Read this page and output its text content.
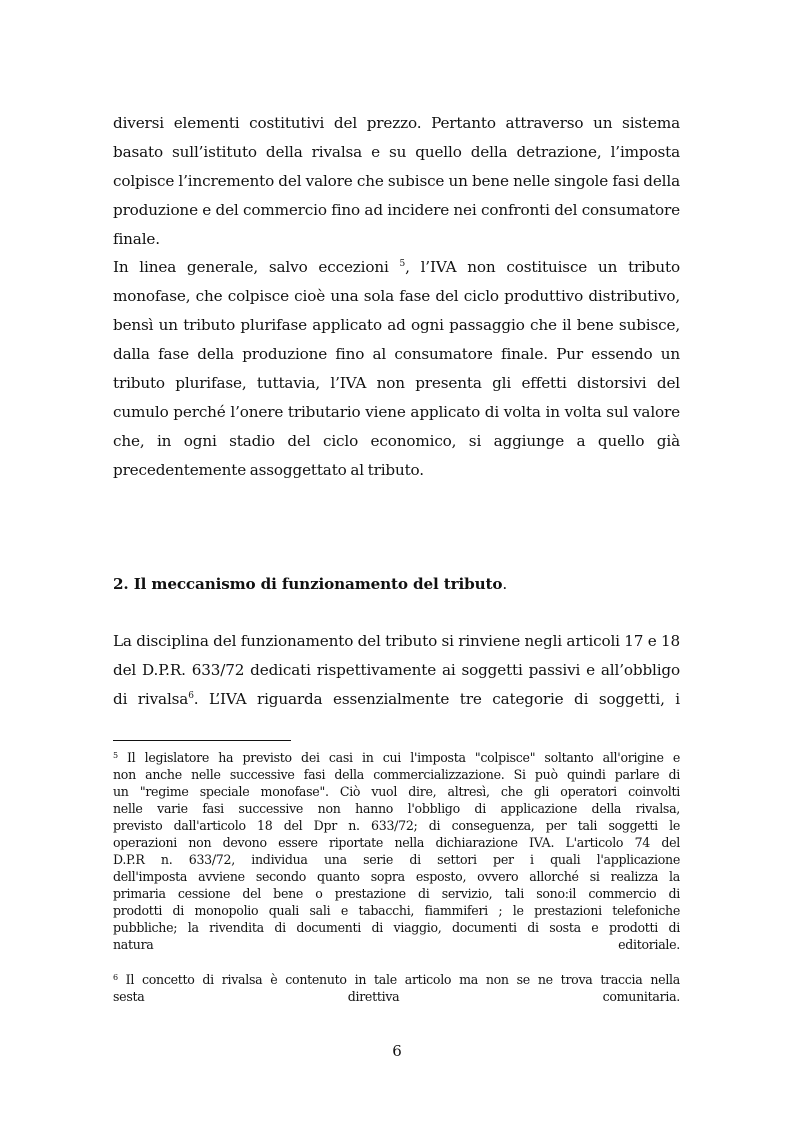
diversi elementi costitutivi del prezzo. Pertanto attraverso un sistema
basato sull’istituto della rivalsa e su quello della detrazione, l’imposta
colpisce l’incremento del valore che subisce un bene nelle singole fasi della
produzione e del commercio fino ad incidere nei confronti del consumatore
finale.
In linea generale, salvo eccezioni $^5$, l’IVA non costituisce un tributo
monofase, che colpisce cioè una sola fase del ciclo produttivo distributivo,
bensì un tributo plurifase applicato ad ogni passaggio che il bene subisce,
dalla fase della produzione fino al consumatore finale. Pur essendo un
tributo plurifase, tuttavia, l’IVA non presenta gli effetti distorsivi del
cumulo perché l’onere tributario viene applicato di volta in volta sul valore
che, in ogni stadio del ciclo economico, si aggiunge a quello già
precedentemente assoggettato al tributo.
2. Il meccanismo di funzionamento del tributo.
La disciplina del funzionamento del tributo si rinviene negli articoli 17 e 18
del D.P.R. 633/72 dedicati rispettivamente ai soggetti passivi e all’obbligo
di rivalsa$^6$. L’IVA riguarda essenzialmente tre categorie di soggetti, i
$^5$ Il legislatore ha previsto dei casi in cui l'imposta "colpisce" soltanto all'origine e
non anche nelle successive fasi della commercializzazione. Si può quindi parlare di
un "regime speciale monofase". Ciò vuol dire, altresì, che gli operatori coinvolti
nelle varie fasi successive non hanno l'obbligo di applicazione della rivalsa,
previsto dall'articolo 18 del Dpr n. 633/72; di conseguenza, per tali soggetti le
operazioni non devono essere riportate nella dichiarazione IVA. L'articolo 74 del
D.P.R n. 633/72, individua una serie di settori per i quali l'applicazione
dell'imposta avviene secondo quanto sopra esposto, ovvero allorché si realizza la
primaria cessione del bene o prestazione di servizio, tali sono:il commercio di
prodotti di monopolio quali sali e tabacchi, fiammiferi ; le prestazioni telefoniche
pubbliche; la rivendita di documenti di viaggio, documenti di sosta e prodotti di
natura editoriale.
$^6$ Il concetto di rivalsa è contenuto in tale articolo ma non se ne trova traccia nella
sesta direttiva comunitaria.
6
